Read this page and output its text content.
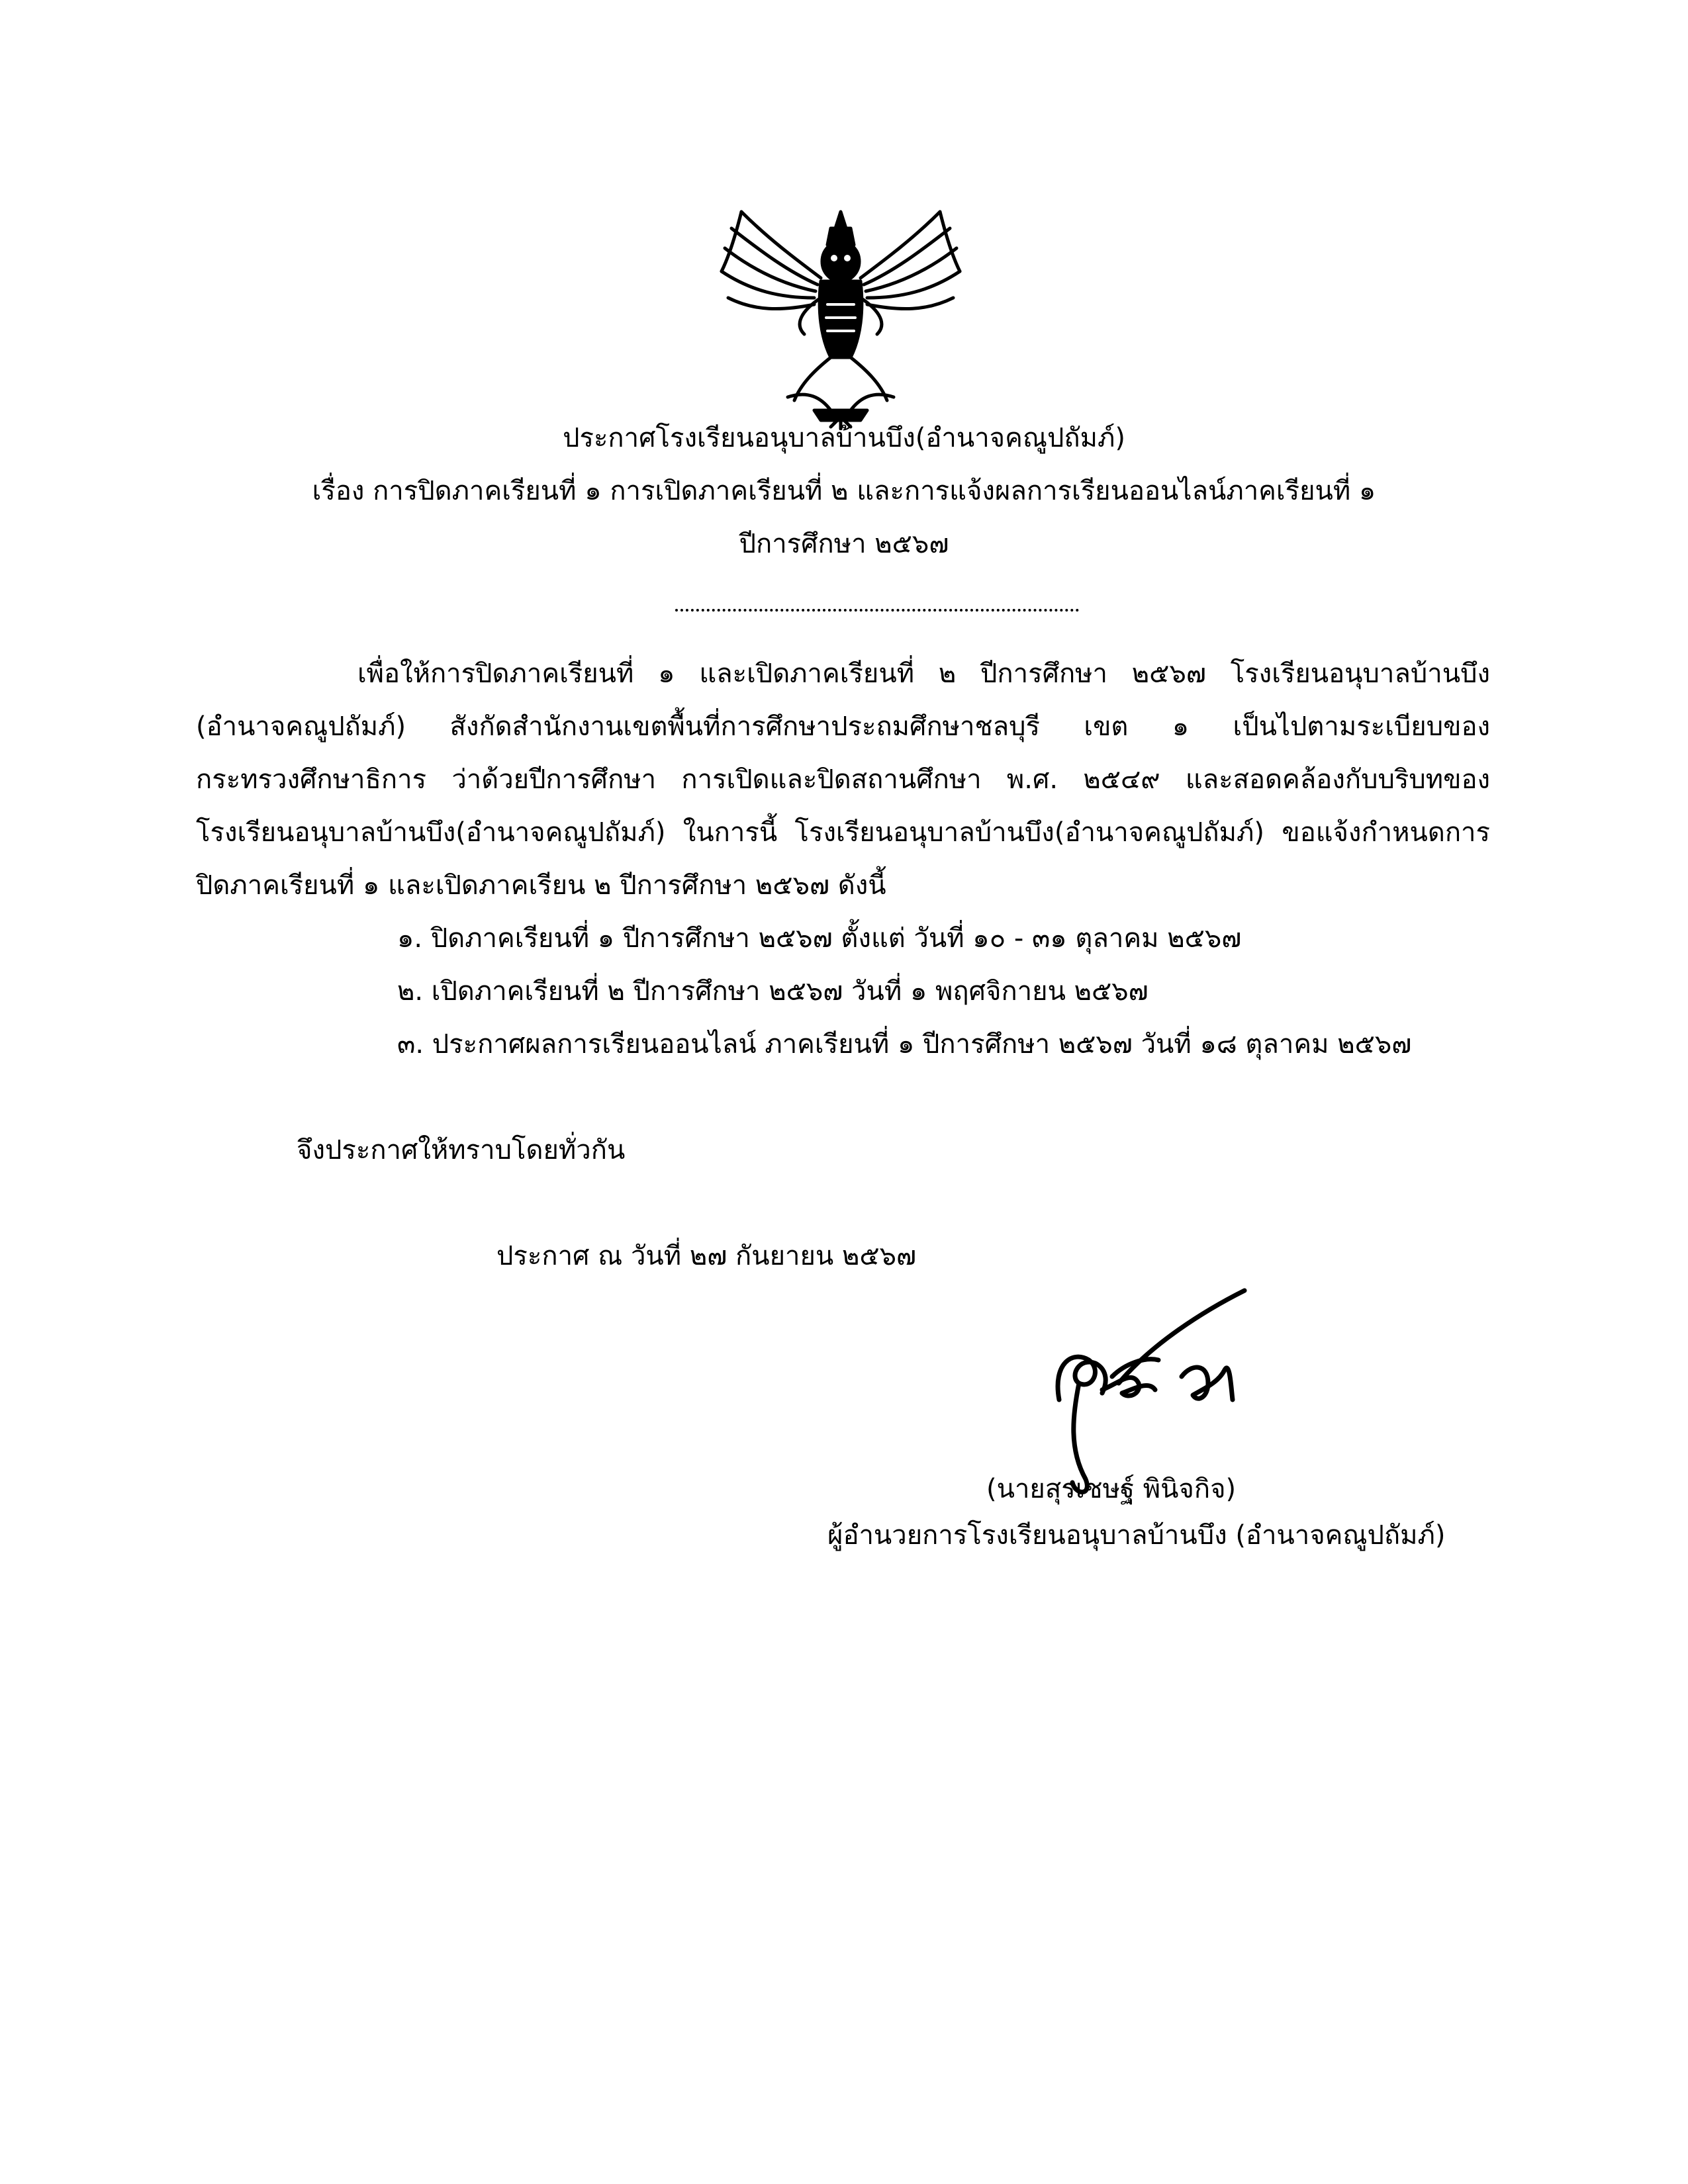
ประกาศโรงเรียนอนุบาลบ้านบึง(อำนาจคณูปถัมภ์)
เรื่อง การปิดภาคเรียนที่ ๑ การเปิดภาคเรียนที่ ๒ และการแจ้งผลการเรียนออนไลน์ภาคเรียนที่ ๑
ปีการศึกษา ๒๕๖๗
เพื่อให้การปิดภาคเรียนที่ ๑ และเปิดภาคเรียนที่ ๒ ปีการศึกษา ๒๕๖๗ โรงเรียนอนุบาลบ้านบึง
(อำนาจคณูปถัมภ์) สังกัดสำนักงานเขตพื้นที่การศึกษาประถมศึกษาชลบุรี เขต ๑ เป็นไปตามระเบียบของ
กระทรวงศึกษาธิการ ว่าด้วยปีการศึกษา การเปิดและปิดสถานศึกษา พ.ศ. ๒๕๔๙ และสอดคล้องกับบริบทของ
โรงเรียนอนุบาลบ้านบึง(อำนาจคณูปถัมภ์) ในการนี้ โรงเรียนอนุบาลบ้านบึง(อำนาจคณูปถัมภ์) ขอแจ้งกำหนดการ
ปิดภาคเรียนที่ ๑ และเปิดภาคเรียน ๒ ปีการศึกษา ๒๕๖๗ ดังนี้
๑. ปิดภาคเรียนที่ ๑ ปีการศึกษา ๒๕๖๗ ตั้งแต่ วันที่ ๑๐ - ๓๑ ตุลาคม ๒๕๖๗
๒. เปิดภาคเรียนที่ ๒ ปีการศึกษา ๒๕๖๗ วันที่ ๑ พฤศจิกายน ๒๕๖๗
๓. ประกาศผลการเรียนออนไลน์ ภาคเรียนที่ ๑ ปีการศึกษา ๒๕๖๗ วันที่ ๑๘ ตุลาคม ๒๕๖๗
จึงประกาศให้ทราบโดยทั่วกัน
ประกาศ ณ วันที่ ๒๗ กันยายน ๒๕๖๗
(นายสุรเชษฐ์ พินิจกิจ)
ผู้อำนวยการโรงเรียนอนุบาลบ้านบึง (อำนาจคณูปถัมภ์)
